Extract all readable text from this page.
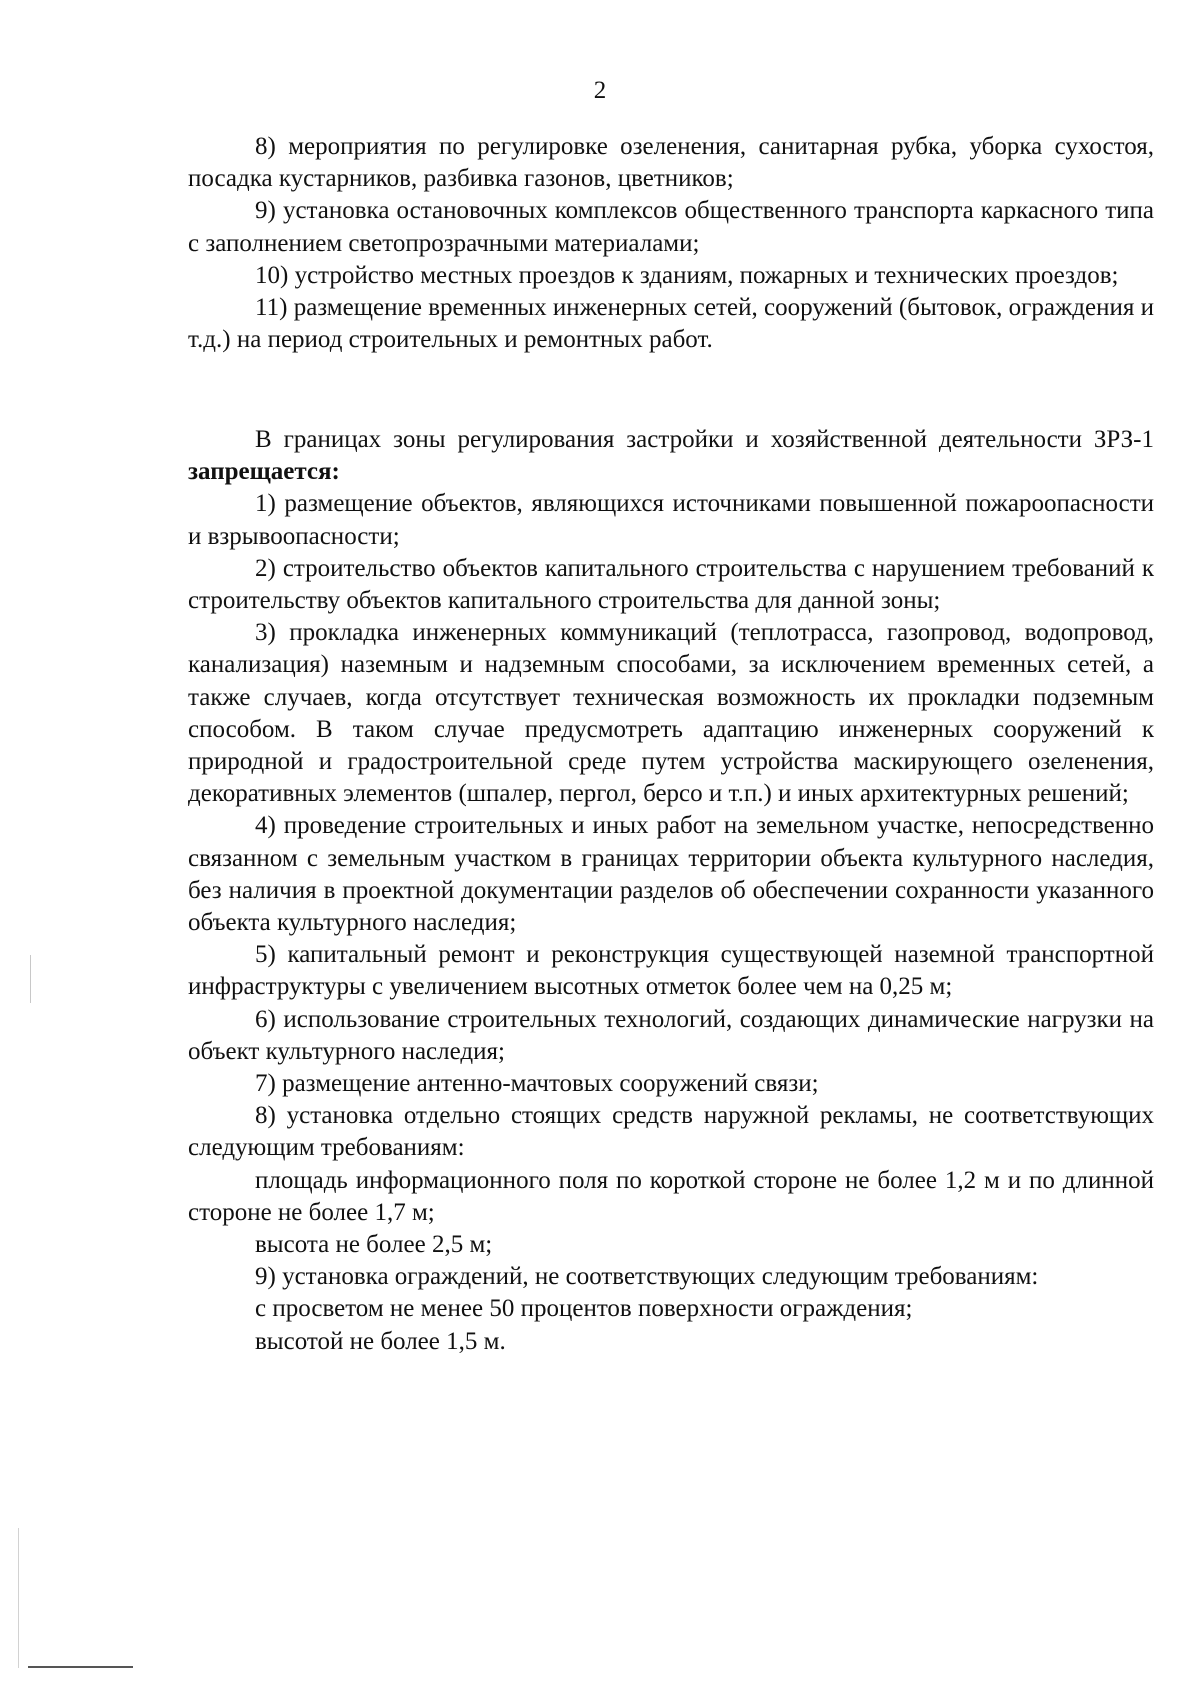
2

8) мероприятия по регулировке озеленения, санитарная рубка, уборка сухостоя, посадка кустарников, разбивка газонов, цветников;

9) установка остановочных комплексов общественного транспорта каркасного типа с заполнением светопрозрачными материалами;

10) устройство местных проездов к зданиям, пожарных и технических проездов;

11) размещение временных инженерных сетей, сооружений (бытовок, ограждения и т.д.) на период строительных и ремонтных работ.

В границах зоны регулирования застройки и хозяйственной деятельности ЗРЗ-1 запрещается:

1) размещение объектов, являющихся источниками повышенной пожароопасности и взрывоопасности;

2) строительство объектов капитального строительства с нарушением требований к строительству объектов капитального строительства для данной зоны;

3) прокладка инженерных коммуникаций (теплотрасса, газопровод, водопровод, канализация) наземным и надземным способами, за исключением временных сетей, а также случаев, когда отсутствует техническая возможность их прокладки подземным способом. В таком случае предусмотреть адаптацию инженерных сооружений к природной и градостроительной среде путем устройства маскирующего озеленения, декоративных элементов (шпалер, пергол, берсо и т.п.) и иных архитектурных решений;

4) проведение строительных и иных работ на земельном участке, непосредственно связанном с земельным участком в границах территории объекта культурного наследия, без наличия в проектной документации разделов об обеспечении сохранности указанного объекта культурного наследия;

5) капитальный ремонт и реконструкция существующей наземной транспортной инфраструктуры с увеличением высотных отметок более чем на 0,25 м;

6) использование строительных технологий, создающих динамические нагрузки на объект культурного наследия;

7) размещение антенно-мачтовых сооружений связи;

8) установка отдельно стоящих средств наружной рекламы, не соответствующих следующим требованиям:

площадь информационного поля по короткой стороне не более 1,2 м и по длинной стороне не более 1,7 м;

высота не более 2,5 м;

9) установка ограждений, не соответствующих следующим требованиям:

с просветом не менее 50 процентов поверхности ограждения;

высотой не более 1,5 м.
